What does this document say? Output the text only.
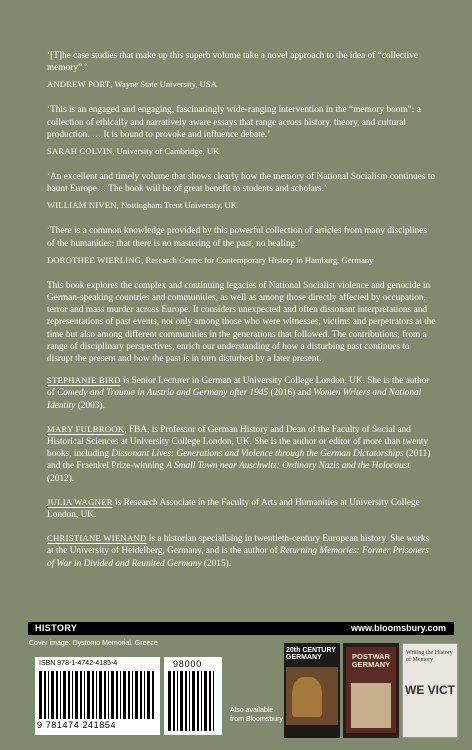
‘[T]he case studies that make up this superb volume take a novel approach to the idea of “collective memory”.’

ANDREW PORT, Wayne State University, USA

‘This is an engaged and engaging, fascinatingly wide-ranging intervention in the “memory boom”: a collection of ethically and narratively aware essays that range across history, theory, and cultural production. … It is bound to provoke and influence debate.’

SARAH COLVIN, University of Cambridge, UK

‘An excellent and timely volume that shows clearly how the memory of National Socialism continues to haunt Europe… The book will be of great benefit to students and scholars.’

WILLIAM NIVEN, Nottingham Trent University, UK

‘There is a common knowledge provided by this powerful collection of articles from many disciplines of the humanities: that there is no mastering of the past, no healing.’

DOROTHEE WIERLING, Research Centre for Contemporary History in Hamburg, Germany

This book explores the complex and continuing legacies of National Socialist violence and genocide in German-speaking countries and communities, as well as among those directly affected by occupation, terror and mass murder across Europe. It considers unexpected and often dissonant interpretations and representations of past events, not only among those who were witnesses, victims and perpetrators at the time but also among different communities in the generations that followed. The contributions, from a range of disciplinary perspectives, enrich our understanding of how a disturbing past continues to disrupt the present and how the past is in turn disturbed by a later present.

STEPHANIE BIRD is Senior Lecturer in German at University College London, UK. She is the author of Comedy and Trauma in Austria and Germany after 1945 (2016) and Women Writers and National Identity (2003).

MARY FULBROOK, FBA, is Professor of German History and Dean of the Faculty of Social and Historical Sciences at University College London, UK. She is the author or editor of more than twenty books, including Dissonant Lives: Generations and Violence through the German Dictatorships (2011) and the Fraenkel Prize-winning A Small Town near Auschwitz: Ordinary Nazis and the Holocaust (2012).

JULIA WAGNER is Research Associate in the Faculty of Arts and Humanities at University College London, UK.

CHRISTIANE WIENAND is a historian specialising in twentieth-century European history. She works at the University of Heidelberg, Germany, and is the author of Returning Memories: Former Prisoners of War in Divided and Reunited Germany (2015).

HISTORY	www.bloomsbury.com
Cover image: Dystomo Memorial, Greece
ISBN 978-1-4742-4185-4
9 781474 241854
98000
Also available
from Bloomsbury
20th CENTURY GERMANY	POSTWAR GERMANY
Writing the History of Memory
WE VICT
